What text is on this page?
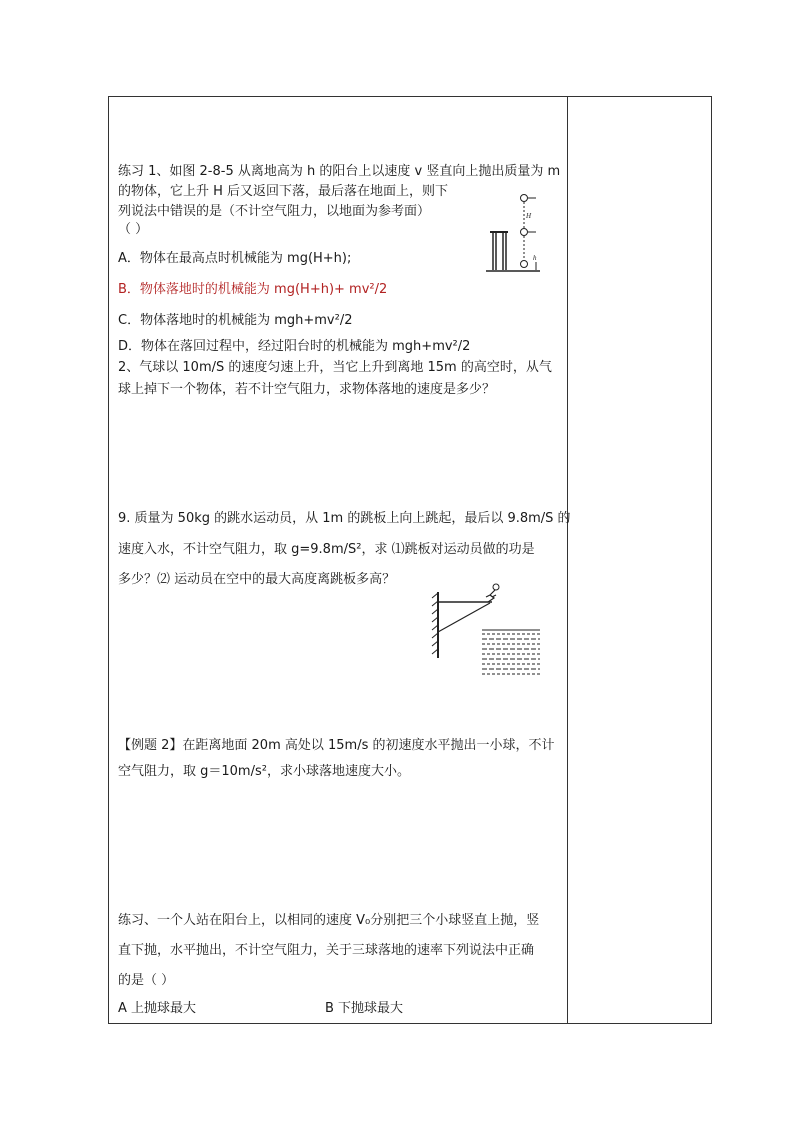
练习 1、如图 2-8-5 从离地高为 h 的阳台上以速度 v 竖直向上抛出质量为 m
的物体，它上升 H 后又返回下落，最后落在地面上，则下
列说法中错误的是（不计空气阻力，以地面为参考面）
（ ）
A．物体在最高点时机械能为 mg(H+h);
B．物体落地时的机械能为 mg(H+h)+ mv²/2
C．物体落地时的机械能为 mgh+mv²/2
D．物体在落回过程中，经过阳台时的机械能为 mgh+mv²/2
H
h
2、气球以 10m/S 的速度匀速上升，当它上升到离地 15m 的高空时，从气
球上掉下一个物体，若不计空气阻力，求物体落地的速度是多少？
9. 质量为 50kg 的跳水运动员，从 1m 的跳板上向上跳起，最后以 9.8m/S 的
速度入水，不计空气阻力，取 g=9.8m/S²，求 ⑴跳板对运动员做的功是
多少？⑵ 运动员在空中的最大高度离跳板多高？
【例题 2】在距离地面 20m 高处以 15m/s 的初速度水平抛出一小球，不计
空气阻力，取 g＝10m/s²，求小球落地速度大小。
练习、一个人站在阳台上，以相同的速度 V₀分别把三个小球竖直上抛，竖
直下抛，水平抛出，不计空气阻力，关于三球落地的速率下列说法中正确
的是（ ）
A 上抛球最大	B 下抛球最大
